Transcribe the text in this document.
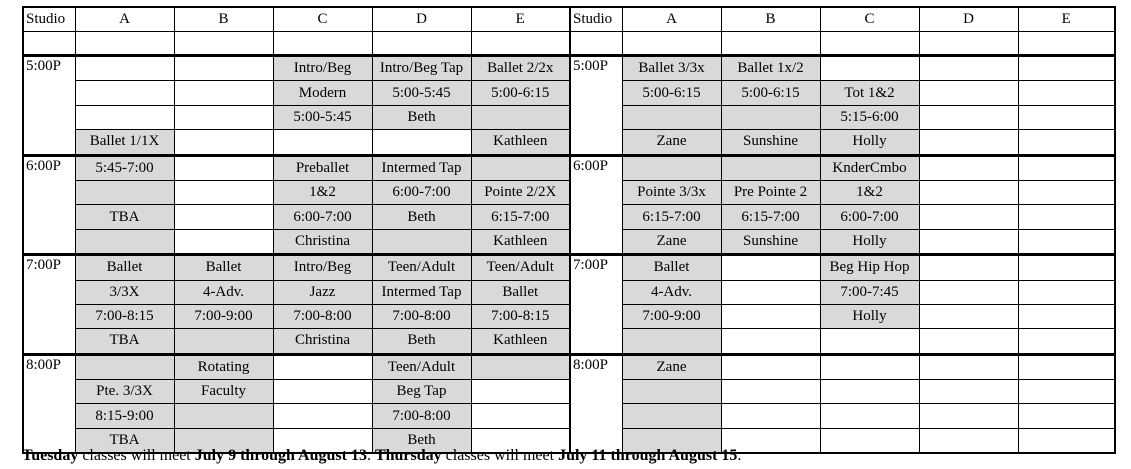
Studio	A	B	C	D	E	Studio	A	B	C	D	E

5:00P			Intro/Beg	Intro/Beg Tap	Ballet 2/2x	5:00P	Ballet 3/3x	Ballet 1x/2			
			Modern	5:00-5:45	5:00-6:15		5:00-6:15	5:00-6:15	Tot 1&2		
			5:00-5:45	Beth					5:15-6:00		
	Ballet 1/1X				Kathleen		Zane	Sunshine	Holly		
6:00P	5:45-7:00		Preballet	Intermed Tap		6:00P			KnderCmbo		
			1&2	6:00-7:00	Pointe 2/2X		Pointe 3/3x	Pre Pointe 2	1&2		
	TBA		6:00-7:00	Beth	6:15-7:00		6:15-7:00	6:15-7:00	6:00-7:00		
			Christina		Kathleen		Zane	Sunshine	Holly		
7:00P	Ballet	Ballet	Intro/Beg	Teen/Adult	Teen/Adult	7:00P	Ballet		Beg Hip Hop		
	3/3X	4-Adv.	Jazz	Intermed Tap	Ballet		4-Adv.		7:00-7:45		
	7:00-8:15	7:00-9:00	7:00-8:00	7:00-8:00	7:00-8:15		7:00-9:00		Holly		
	TBA		Christina	Beth	Kathleen						
8:00P		Rotating		Teen/Adult		8:00P	Zane				
	Pte. 3/3X	Faculty		Beg Tap							
	8:15-9:00			7:00-8:00							
	TBA			Beth							
Tuesday classes will meet July 9 through August 13. Thursday classes will meet July 11 through August 15.
